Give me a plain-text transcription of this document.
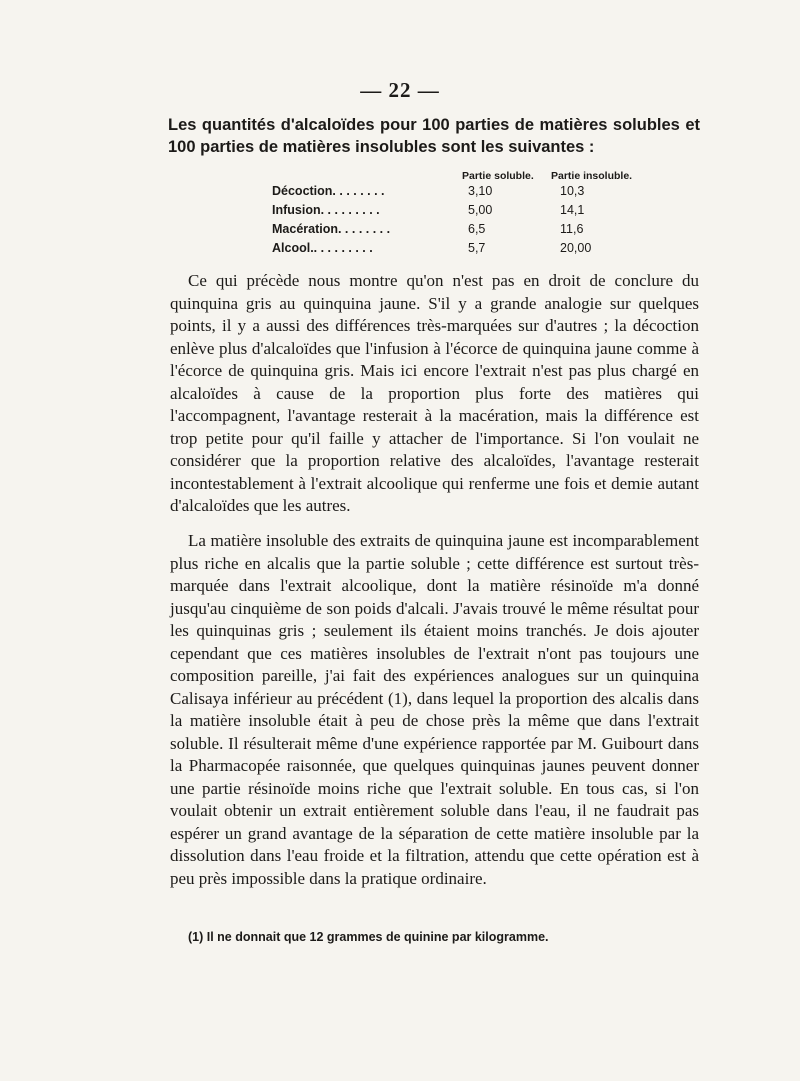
— 22 —
Les quantités d'alcaloïdes pour 100 parties de matières solubles et 100 parties de matières insolubles sont les suivantes :
Partie soluble. Partie insoluble.
Décoction. . . . . . . .	3,10	10,3
Infusion. . . . . . . . .	5,00	14,1
Macération. . . . . . . .	6,5	11,6
Alcool.. . . . . . . . .	5,7	20,00
Ce qui précède nous montre qu'on n'est pas en droit de conclure du quinquina gris au quinquina jaune. S'il y a grande analogie sur quelques points, il y a aussi des différences très-marquées sur d'autres ; la décoction enlève plus d'alcaloïdes que l'infusion à l'écorce de quinquina jaune comme à l'écorce de quinquina gris. Mais ici encore l'extrait n'est pas plus chargé en alcaloïdes à cause de la proportion plus forte des matières qui l'accompagnent, l'avantage resterait à la macération, mais la différence est trop petite pour qu'il faille y attacher de l'importance. Si l'on voulait ne considérer que la proportion relative des alcaloïdes, l'avantage resterait incontestablement à l'extrait alcoolique qui renferme une fois et demie autant d'alcaloïdes que les autres.
La matière insoluble des extraits de quinquina jaune est incomparablement plus riche en alcalis que la partie soluble ; cette différence est surtout très-marquée dans l'extrait alcoolique, dont la matière résinoïde m'a donné jusqu'au cinquième de son poids d'alcali. J'avais trouvé le même résultat pour les quinquinas gris ; seulement ils étaient moins tranchés. Je dois ajouter cependant que ces matières insolubles de l'extrait n'ont pas toujours une composition pareille, j'ai fait des expériences analogues sur un quinquina Calisaya inférieur au précédent (1), dans lequel la proportion des alcalis dans la matière insoluble était à peu de chose près la même que dans l'extrait soluble. Il résulterait même d'une expérience rapportée par M. Guibourt dans la Pharmacopée raisonnée, que quelques quinquinas jaunes peuvent donner une partie résinoïde moins riche que l'extrait soluble. En tous cas, si l'on voulait obtenir un extrait entièrement soluble dans l'eau, il ne faudrait pas espérer un grand avantage de la séparation de cette matière insoluble par la dissolution dans l'eau froide et la filtration, attendu que cette opération est à peu près impossible dans la pratique ordinaire.
(1) Il ne donnait que 12 grammes de quinine par kilogramme.
